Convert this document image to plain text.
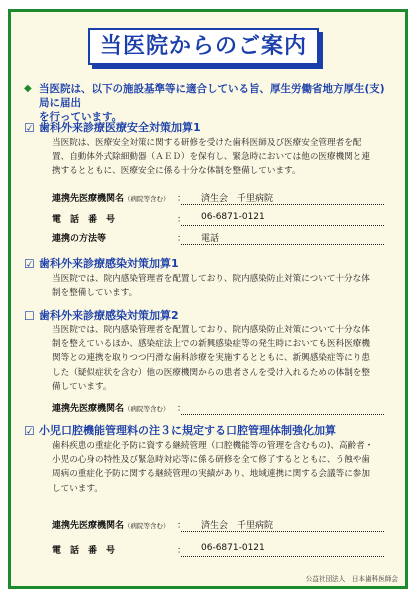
当医院からのご案内
◆ 当医院は、以下の施設基準等に適合している旨、厚生労働省地方厚生(支)局に届出
を行っています。
☑ 歯科外来診療医療安全対策加算1
当医院は、医療安全対策に関する研修を受けた歯科医師及び医療安全管理者を配
置、自動体外式除細動器（ＡＥＤ）を保有し、緊急時においては他の医療機関と連
携するとともに、医療安全に係る十分な体制を整備しています。
連携先医療機関名（病院等含む） ： 済生会　千里病院
電　話　番　号	： 06-6871-0121
連携の方法等	： 電話
☑ 歯科外来診療感染対策加算1
当医院では、院内感染管理者を配置しており、院内感染防止対策について十分な体
制を整備しています。
☐ 歯科外来診療感染対策加算2
当医院では、院内感染管理者を配置しており、院内感染防止対策について十分な体
制を整えているほか、感染症法上での新興感染症等の発生時においても医科医療機
関等との連携を取りつつ円滑な歯科診療を実施するとともに、新興感染症等にり患
した（疑似症状を含む）他の医療機関からの患者さんを受け入れるための体制を整
備しています。
連携先医療機関名（病院等含む） ：
☑ 小児口腔機能管理料の注３に規定する口腔管理体制強化加算
歯科疾患の重症化予防に資する継続管理（口腔機能等の管理を含むもの)、高齢者・
小児の心身の特性及び緊急時対応等に係る研修を全て修了するとともに、う蝕や歯
周病の重症化予防に関する継続管理の実績があり、地域連携に関する会議等に参加
しています。
連携先医療機関名（病院等含む） ： 済生会　千里病院
電　話　番　号	： 06-6871-0121
公益社団法人　日本歯科医師会
